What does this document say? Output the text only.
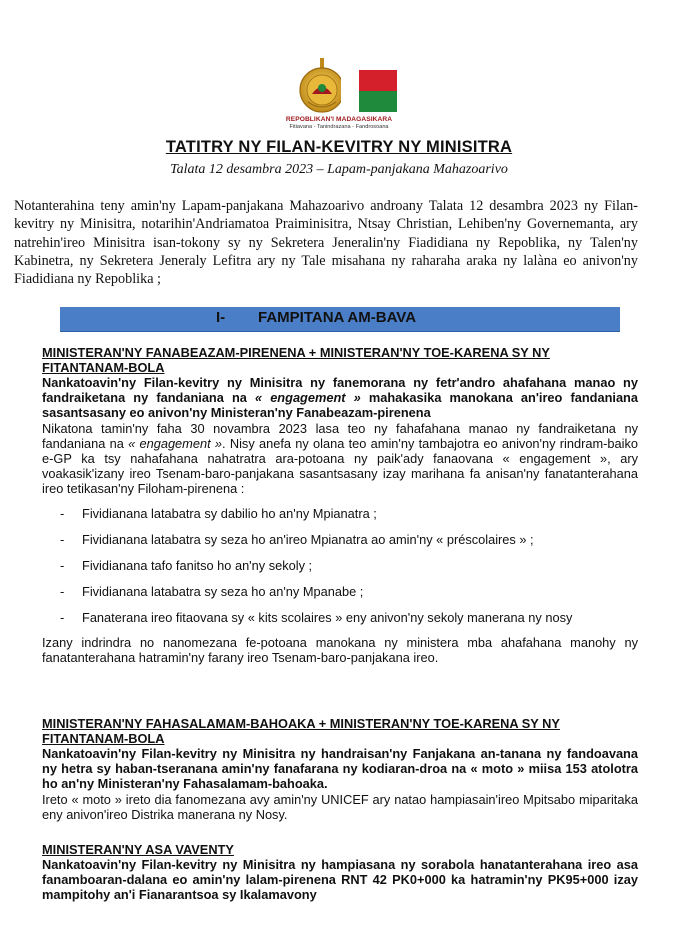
REPOBLIKAN'I MADAGASIKARA
Fitiavana - Tanindrazana - Fandrosoana
TATITRY NY FILAN-KEVITRY NY MINISITRA
Talata 12 desambra 2023 – Lapam-panjakana Mahazoarivo
Notanterahina teny amin'ny Lapam-panjakana Mahazoarivo androany Talata 12 desambra 2023 ny Filan-kevitry ny Minisitra, notarihin'Andriamatoa Praiminisitra, Ntsay Christian, Lehiben'ny Governemanta, ary natrehin'ireo Minisitra isan-tokony sy ny Sekretera Jeneralin'ny Fiadidiana ny Repoblika, ny Talen'ny Kabinetra, ny Sekretera Jeneraly Lefitra ary ny Tale misahana ny raharaha araka ny lalàna eo anivon'ny Fiadidiana ny Repoblika ;
I- FAMPITANA AM-BAVA
MINISTERAN'NY FANABEAZAM-PIRENENA + MINISTERAN'NY TOE-KARENA SY NY FITANTANAM-BOLA
Nankatoavin'ny Filan-kevitry ny Minisitra ny fanemorana ny fetr'andro ahafahana manao ny fandraiketana ny fandaniana na « engagement » mahakasika manokana an'ireo fandaniana sasantsasany eo anivon'ny Ministeran'ny Fanabeazam-pirenena
Nikatona tamin'ny faha 30 novambra 2023 lasa teo ny fahafahana manao ny fandraiketana ny fandaniana na « engagement ». Nisy anefa ny olana teo amin'ny tambajotra eo anivon'ny rindram-baiko e-GP ka tsy nahafahana nahatratra ara-potoana ny paik'ady fanaovana « engagement », ary voakasik'izany ireo Tsenam-baro-panjakana sasantsasany izay marihana fa anisan'ny fanatanterahana ireo tetikasan'ny Filoham-pirenena :
- Fividianana latabatra sy dabilio ho an'ny Mpianatra ;
- Fividianana latabatra sy seza ho an'ireo Mpianatra ao amin'ny « préscolaires » ;
- Fividianana tafo fanitso ho an'ny sekoly ;
- Fividianana latabatra sy seza ho an'ny Mpanabe ;
- Fanaterana ireo fitaovana sy « kits scolaires » eny anivon'ny sekoly manerana ny nosy
Izany indrindra no nanomezana fe-potoana manokana ny ministera mba ahafahana manohy ny fanatanterahana hatramin'ny farany ireo Tsenam-baro-panjakana ireo.
MINISTERAN'NY FAHASALAMAM-BAHOAKA + MINISTERAN'NY TOE-KARENA SY NY FITANTANAM-BOLA
Nankatoavin'ny Filan-kevitry ny Minisitra ny handraisan'ny Fanjakana an-tanana ny fandoavana ny hetra sy haban-tseranana amin'ny fanafarana ny kodiaran-droa na « moto » miisa 153 atolotra ho an'ny Ministeran'ny Fahasalamam-bahoaka.
Ireto « moto » ireto dia fanomezana avy amin'ny UNICEF ary natao hampiasain'ireo Mpitsabo miparitaka eny anivon'ireo Distrika manerana ny Nosy.
MINISTERAN'NY ASA VAVENTY
Nankatoavin'ny Filan-kevitry ny Minisitra ny hampiasana ny sorabola hanatanterahana ireo asa fanamboaran-dalana eo amin'ny lalam-pirenena RNT 42 PK0+000 ka hatramin'ny PK95+000 izay mampitohy an'i Fianarantsoa sy Ikalamavony
